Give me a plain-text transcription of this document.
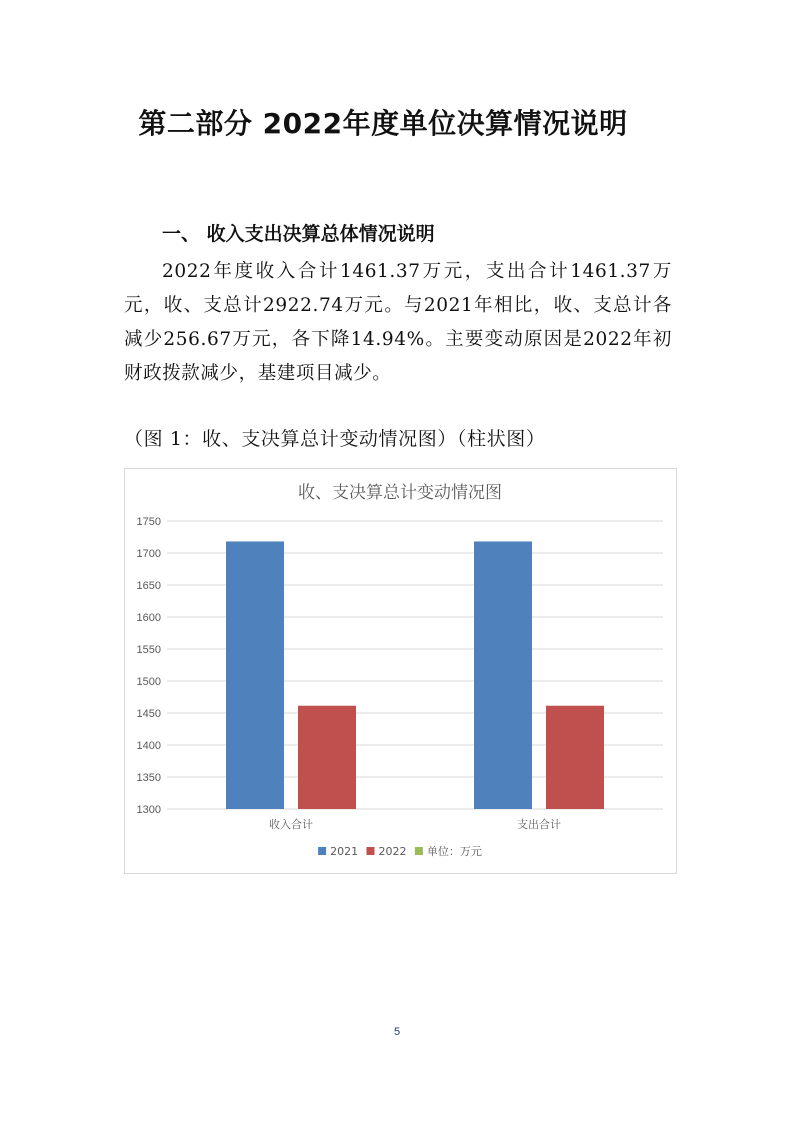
第二部分 2022年度单位决算情况说明
一、 收入支出决算总体情况说明

2022年度收入合计1461.37万元，支出合计1461.37万元，收、支总计2922.74万元。与2021年相比，收、支总计各减少256.67万元，各下降14.94%。主要变动原因是2022年初财政拨款减少，基建项目减少。

（图 1：收、支决算总计变动情况图）（柱状图）

收、支决算总计变动情况图
1300
1350
1400
1450
1500
1550
1600
1650
1700
1750
收入合计	支出合计
2021 2022 单位：万元

5
